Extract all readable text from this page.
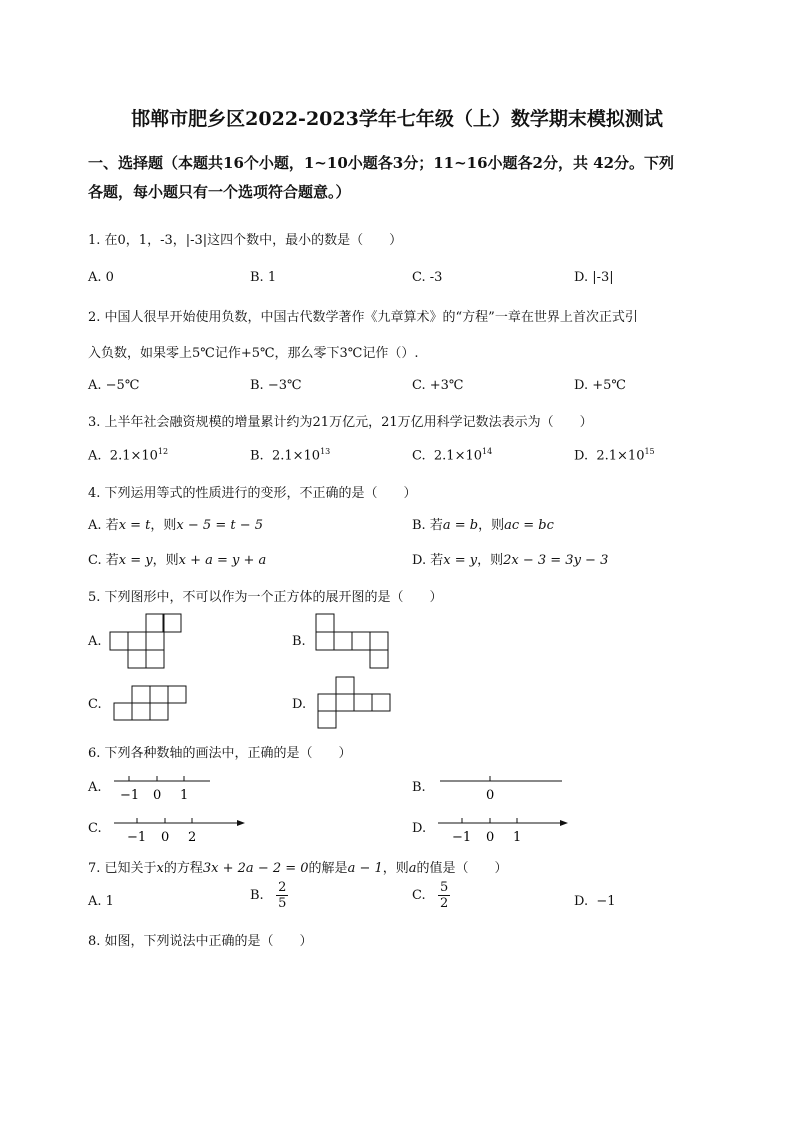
邯郸市肥乡区2022-2023学年七年级（上）数学期末模拟测试
一、选择题（本题共16个小题，1~10小题各3分；11~16小题各2分，共 42分。下列
各题，每小题只有一个选项符合题意。）
1. 在0，1，-3，|-3|这四个数中，最小的数是（　　）
A. 0	B. 1	C. -3	D. |-3|
2. 中国人很早开始使用负数，中国古代数学著作《九章算术》的“方程”一章在世界上首次正式引
入负数，如果零上5℃记作+5℃，那么零下3℃记作（）.
A. −5℃	B. −3℃	C. +3℃	D. +5℃
3. 上半年社会融资规模的增量累计约为21万亿元，21万亿用科学记数法表示为（　　）
A. $2.1\times 10^{12}$	B. $2.1\times 10^{13}$	C. $2.1\times 10^{14}$	D. $2.1\times 10^{15}$
4. 下列运用等式的性质进行的变形，不正确的是（　　）
A. 若x = t，则x − 5 = t − 5	B. 若a = b，则ac = bc
C. 若x = y，则x + a = y + a	D. 若x = y，则2x − 3 = 3y − 3
5. 下列图形中，不可以作为一个正方体的展开图的是（　　）
A.	B.
C.	D.
6. 下列各种数轴的画法中，正确的是（　　）
A.
−1 0 1
B.
0
C.
−1 0 2
D.
−1 0 1
7. 已知关于x的方程3x + 2a − 2 = 0的解是a − 1，则a的值是（　　）
A. 1	B. $\frac{2}{5}$	C. $\frac{5}{2}$	D. −1
8. 如图，下列说法中正确的是（　　）
